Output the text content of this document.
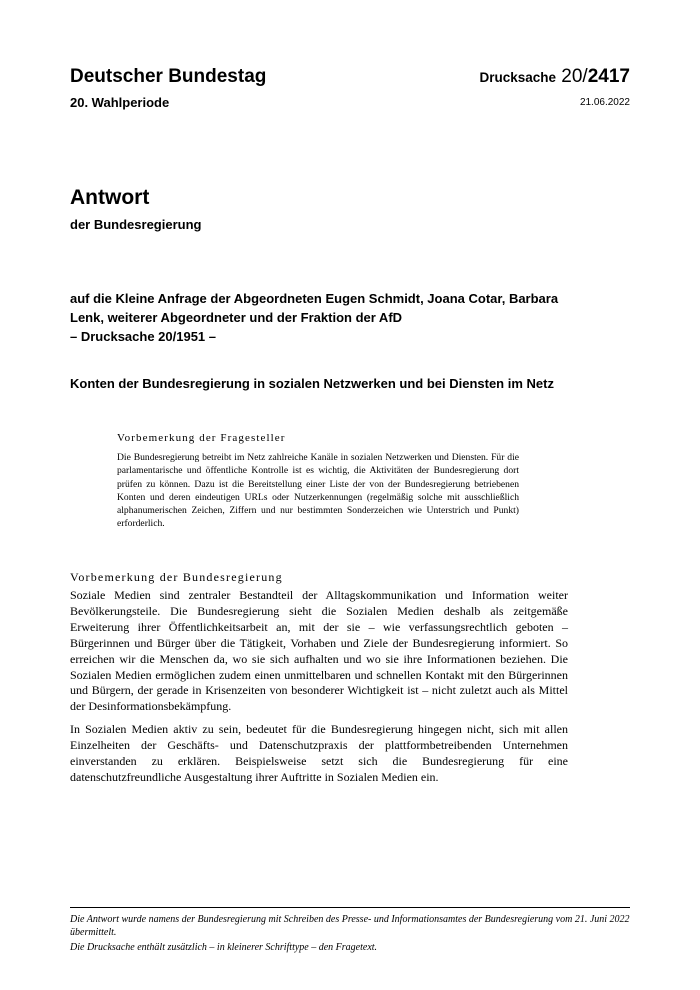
Deutscher Bundestag
20. Wahlperiode
Drucksache 20/2417
21.06.2022
Antwort
der Bundesregierung
auf die Kleine Anfrage der Abgeordneten Eugen Schmidt, Joana Cotar, Barbara
Lenk, weiterer Abgeordneter und der Fraktion der AfD
– Drucksache 20/1951 –
Konten der Bundesregierung in sozialen Netzwerken und bei Diensten im Netz
Vorbemerkung der Fragesteller
Die Bundesregierung betreibt im Netz zahlreiche Kanäle in sozialen Netzwerken und Diensten. Für die parlamentarische und öffentliche Kontrolle ist es wichtig, die Aktivitäten der Bundesregierung dort prüfen zu können. Dazu ist die Bereitstellung einer Liste der von der Bundesregierung betriebenen Konten und deren eindeutigen URLs oder Nutzerkennungen (regelmäßig solche mit ausschließlich alphanumerischen Zeichen, Ziffern und nur bestimmten Sonderzeichen wie Unterstrich und Punkt) erforderlich.
Vorbemerkung der Bundesregierung

Soziale Medien sind zentraler Bestandteil der Alltagskommunikation und Information weiter Bevölkerungsteile. Die Bundesregierung sieht die Sozialen Medien deshalb als zeitgemäße Erweiterung ihrer Öffentlichkeitsarbeit an, mit der sie – wie verfassungsrechtlich geboten – Bürgerinnen und Bürger über die Tätigkeit, Vorhaben und Ziele der Bundesregierung informiert. So erreichen wir die Menschen da, wo sie sich aufhalten und wo sie ihre Informationen beziehen. Die Sozialen Medien ermöglichen zudem einen unmittelbaren und schnellen Kontakt mit den Bürgerinnen und Bürgern, der gerade in Krisenzeiten von besonderer Wichtigkeit ist – nicht zuletzt auch als Mittel der Desinformationsbekämpfung.

In Sozialen Medien aktiv zu sein, bedeutet für die Bundesregierung hingegen nicht, sich mit allen Einzelheiten der Geschäfts- und Datenschutzpraxis der plattformbetreibenden Unternehmen einverstanden zu erklären. Beispielsweise setzt sich die Bundesregierung für eine datenschutzfreundliche Ausgestaltung ihrer Auftritte in Sozialen Medien ein.

Die Antwort wurde namens der Bundesregierung mit Schreiben des Presse- und Informationsamtes der Bundesregierung vom 21. Juni 2022 übermittelt.

Die Drucksache enthält zusätzlich – in kleinerer Schrifttype – den Fragetext.
